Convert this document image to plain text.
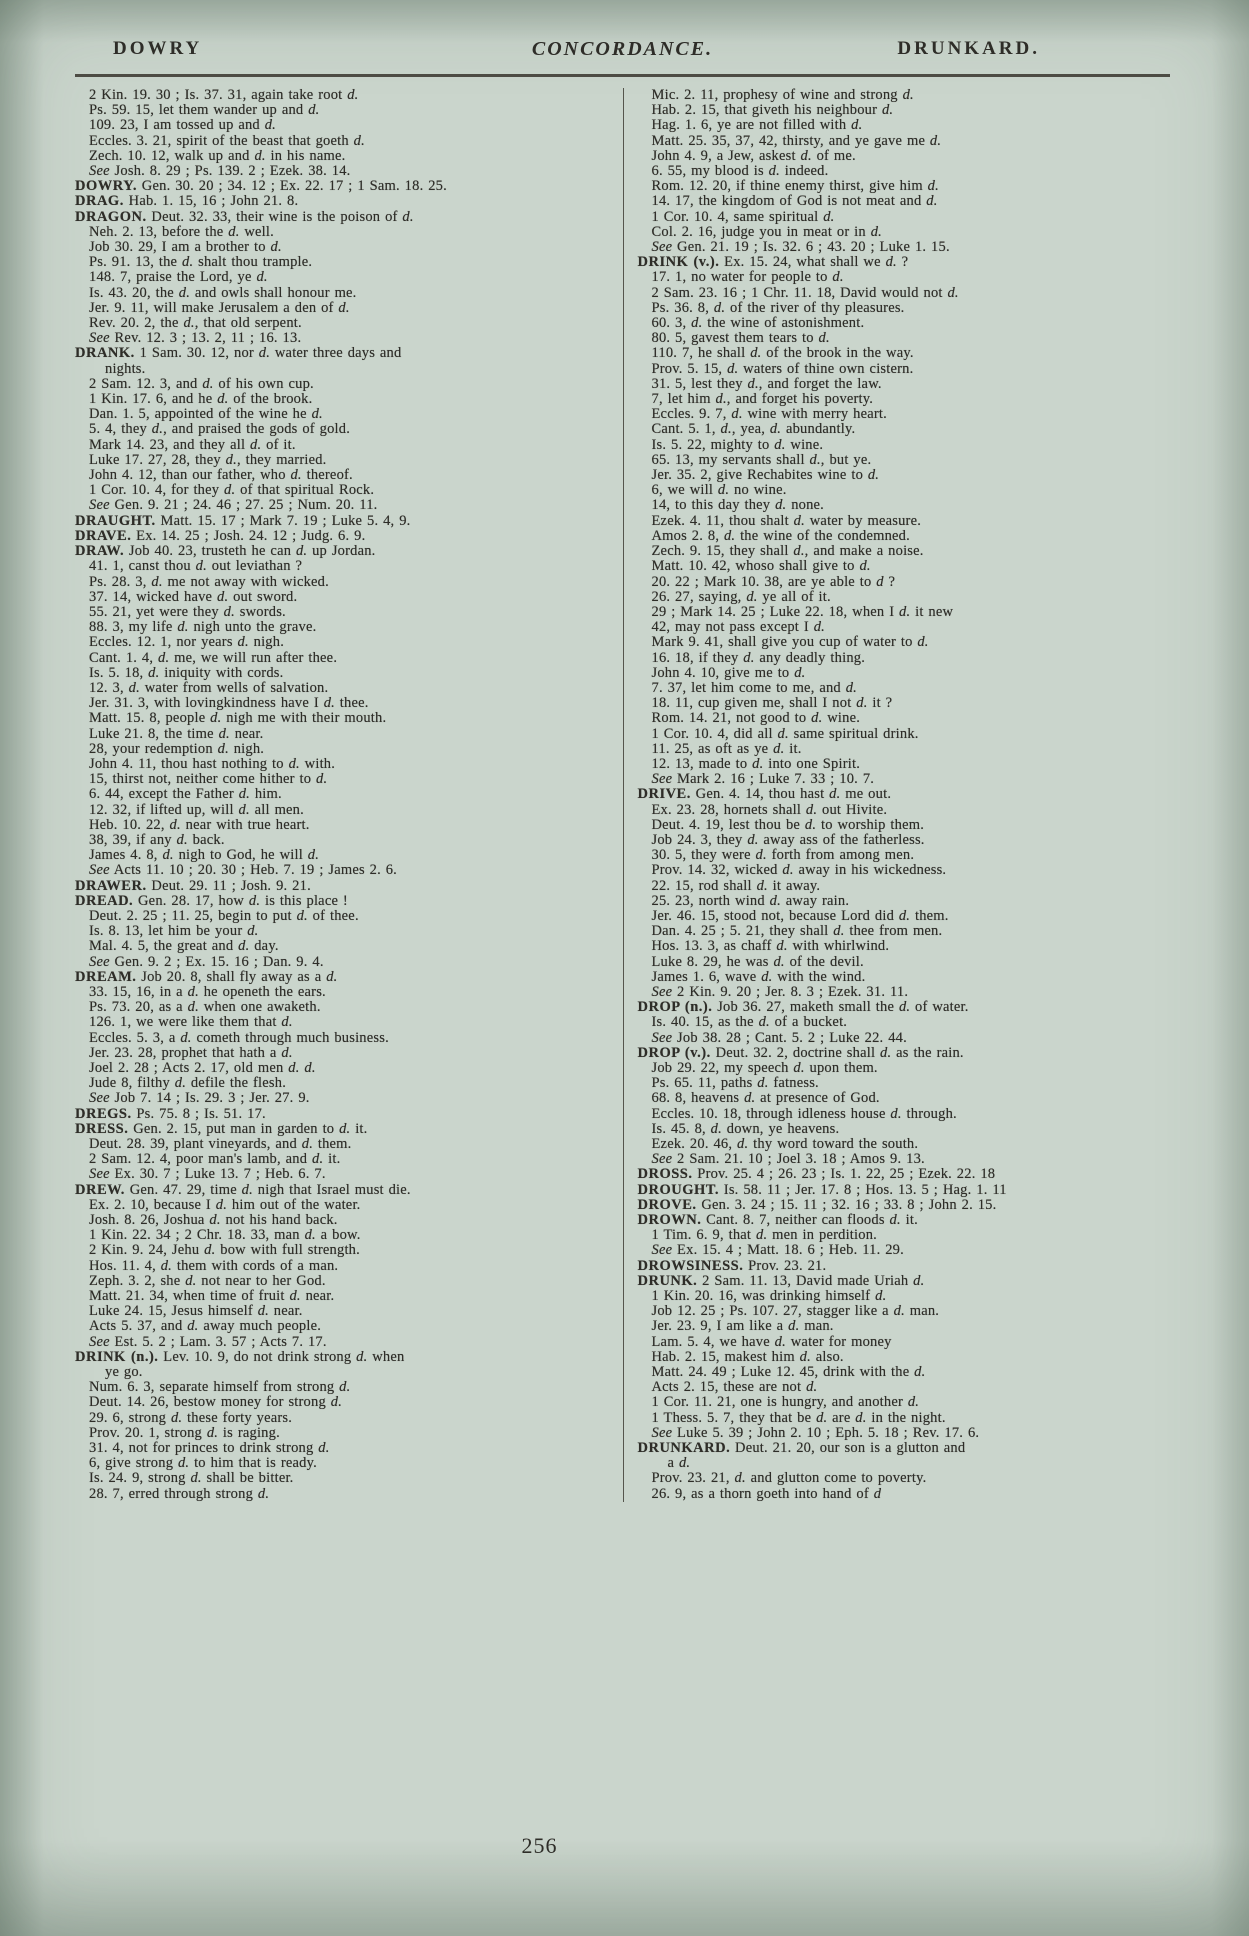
DOWRY	CONCORDANCE.	DRUNKARD.
2 Kin. 19. 30 ; Is. 37. 31, again take root d.
Ps. 59. 15, let them wander up and d.
109. 23, I am tossed up and d.
Eccles. 3. 21, spirit of the beast that goeth d.
Zech. 10. 12, walk up and d. in his name.
See Josh. 8. 29 ; Ps. 139. 2 ; Ezek. 38. 14.
DOWRY. Gen. 30. 20 ; 34. 12 ; Ex. 22. 17 ; 1 Sam. 18. 25.
DRAG. Hab. 1. 15, 16 ; John 21. 8.
DRAGON. Deut. 32. 33, their wine is the poison of d.
Neh. 2. 13, before the d. well.
Job 30. 29, I am a brother to d.
Ps. 91. 13, the d. shalt thou trample.
148. 7, praise the Lord, ye d.
Is. 43. 20, the d. and owls shall honour me.
Jer. 9. 11, will make Jerusalem a den of d.
Rev. 20. 2, the d., that old serpent.
See Rev. 12. 3 ; 13. 2, 11 ; 16. 13.
DRANK. 1 Sam. 30. 12, nor d. water three days and
nights.
2 Sam. 12. 3, and d. of his own cup.
1 Kin. 17. 6, and he d. of the brook.
Dan. 1. 5, appointed of the wine he d.
5. 4, they d., and praised the gods of gold.
Mark 14. 23, and they all d. of it.
Luke 17. 27, 28, they d., they married.
John 4. 12, than our father, who d. thereof.
1 Cor. 10. 4, for they d. of that spiritual Rock.
See Gen. 9. 21 ; 24. 46 ; 27. 25 ; Num. 20. 11.
DRAUGHT. Matt. 15. 17 ; Mark 7. 19 ; Luke 5. 4, 9.
DRAVE. Ex. 14. 25 ; Josh. 24. 12 ; Judg. 6. 9.
DRAW. Job 40. 23, trusteth he can d. up Jordan.
41. 1, canst thou d. out leviathan ?
Ps. 28. 3, d. me not away with wicked.
37. 14, wicked have d. out sword.
55. 21, yet were they d. swords.
88. 3, my life d. nigh unto the grave.
Eccles. 12. 1, nor years d. nigh.
Cant. 1. 4, d. me, we will run after thee.
Is. 5. 18, d. iniquity with cords.
12. 3, d. water from wells of salvation.
Jer. 31. 3, with lovingkindness have I d. thee.
Matt. 15. 8, people d. nigh me with their mouth.
Luke 21. 8, the time d. near.
28, your redemption d. nigh.
John 4. 11, thou hast nothing to d. with.
15, thirst not, neither come hither to d.
6. 44, except the Father d. him.
12. 32, if lifted up, will d. all men.
Heb. 10. 22, d. near with true heart.
38, 39, if any d. back.
James 4. 8, d. nigh to God, he will d.
See Acts 11. 10 ; 20. 30 ; Heb. 7. 19 ; James 2. 6.
DRAWER. Deut. 29. 11 ; Josh. 9. 21.
DREAD. Gen. 28. 17, how d. is this place !
Deut. 2. 25 ; 11. 25, begin to put d. of thee.
Is. 8. 13, let him be your d.
Mal. 4. 5, the great and d. day.
See Gen. 9. 2 ; Ex. 15. 16 ; Dan. 9. 4.
DREAM. Job 20. 8, shall fly away as a d.
33. 15, 16, in a d. he openeth the ears.
Ps. 73. 20, as a d. when one awaketh.
126. 1, we were like them that d.
Eccles. 5. 3, a d. cometh through much business.
Jer. 23. 28, prophet that hath a d.
Joel 2. 28 ; Acts 2. 17, old men d. d.
Jude 8, filthy d. defile the flesh.
See Job 7. 14 ; Is. 29. 3 ; Jer. 27. 9.
DREGS. Ps. 75. 8 ; Is. 51. 17.
DRESS. Gen. 2. 15, put man in garden to d. it.
Deut. 28. 39, plant vineyards, and d. them.
2 Sam. 12. 4, poor man's lamb, and d. it.
See Ex. 30. 7 ; Luke 13. 7 ; Heb. 6. 7.
DREW. Gen. 47. 29, time d. nigh that Israel must die.
Ex. 2. 10, because I d. him out of the water.
Josh. 8. 26, Joshua d. not his hand back.
1 Kin. 22. 34 ; 2 Chr. 18. 33, man d. a bow.
2 Kin. 9. 24, Jehu d. bow with full strength.
Hos. 11. 4, d. them with cords of a man.
Zeph. 3. 2, she d. not near to her God.
Matt. 21. 34, when time of fruit d. near.
Luke 24. 15, Jesus himself d. near.
Acts 5. 37, and d. away much people.
See Est. 5. 2 ; Lam. 3. 57 ; Acts 7. 17.
DRINK (n.). Lev. 10. 9, do not drink strong d. when
ye go.
Num. 6. 3, separate himself from strong d.
Deut. 14. 26, bestow money for strong d.
29. 6, strong d. these forty years.
Prov. 20. 1, strong d. is raging.
31. 4, not for princes to drink strong d.
6, give strong d. to him that is ready.
Is. 24. 9, strong d. shall be bitter.
28. 7, erred through strong d.
Mic. 2. 11, prophesy of wine and strong d.
Hab. 2. 15, that giveth his neighbour d.
Hag. 1. 6, ye are not filled with d.
Matt. 25. 35, 37, 42, thirsty, and ye gave me d.
John 4. 9, a Jew, askest d. of me.
6. 55, my blood is d. indeed.
Rom. 12. 20, if thine enemy thirst, give him d.
14. 17, the kingdom of God is not meat and d.
1 Cor. 10. 4, same spiritual d.
Col. 2. 16, judge you in meat or in d.
See Gen. 21. 19 ; Is. 32. 6 ; 43. 20 ; Luke 1. 15.
DRINK (v.). Ex. 15. 24, what shall we d. ?
17. 1, no water for people to d.
2 Sam. 23. 16 ; 1 Chr. 11. 18, David would not d.
Ps. 36. 8, d. of the river of thy pleasures.
60. 3, d. the wine of astonishment.
80. 5, gavest them tears to d.
110. 7, he shall d. of the brook in the way.
Prov. 5. 15, d. waters of thine own cistern.
31. 5, lest they d., and forget the law.
7, let him d., and forget his poverty.
Eccles. 9. 7, d. wine with merry heart.
Cant. 5. 1, d., yea, d. abundantly.
Is. 5. 22, mighty to d. wine.
65. 13, my servants shall d., but ye.
Jer. 35. 2, give Rechabites wine to d.
6, we will d. no wine.
14, to this day they d. none.
Ezek. 4. 11, thou shalt d. water by measure.
Amos 2. 8, d. the wine of the condemned.
Zech. 9. 15, they shall d., and make a noise.
Matt. 10. 42, whoso shall give to d.
20. 22 ; Mark 10. 38, are ye able to d ?
26. 27, saying, d. ye all of it.
29 ; Mark 14. 25 ; Luke 22. 18, when I d. it new
42, may not pass except I d.
Mark 9. 41, shall give you cup of water to d.
16. 18, if they d. any deadly thing.
John 4. 10, give me to d.
7. 37, let him come to me, and d.
18. 11, cup given me, shall I not d. it ?
Rom. 14. 21, not good to d. wine.
1 Cor. 10. 4, did all d. same spiritual drink.
11. 25, as oft as ye d. it.
12. 13, made to d. into one Spirit.
See Mark 2. 16 ; Luke 7. 33 ; 10. 7.
DRIVE. Gen. 4. 14, thou hast d. me out.
Ex. 23. 28, hornets shall d. out Hivite.
Deut. 4. 19, lest thou be d. to worship them.
Job 24. 3, they d. away ass of the fatherless.
30. 5, they were d. forth from among men.
Prov. 14. 32, wicked d. away in his wickedness.
22. 15, rod shall d. it away.
25. 23, north wind d. away rain.
Jer. 46. 15, stood not, because Lord did d. them.
Dan. 4. 25 ; 5. 21, they shall d. thee from men.
Hos. 13. 3, as chaff d. with whirlwind.
Luke 8. 29, he was d. of the devil.
James 1. 6, wave d. with the wind.
See 2 Kin. 9. 20 ; Jer. 8. 3 ; Ezek. 31. 11.
DROP (n.). Job 36. 27, maketh small the d. of water.
Is. 40. 15, as the d. of a bucket.
See Job 38. 28 ; Cant. 5. 2 ; Luke 22. 44.
DROP (v.). Deut. 32. 2, doctrine shall d. as the rain.
Job 29. 22, my speech d. upon them.
Ps. 65. 11, paths d. fatness.
68. 8, heavens d. at presence of God.
Eccles. 10. 18, through idleness house d. through.
Is. 45. 8, d. down, ye heavens.
Ezek. 20. 46, d. thy word toward the south.
See 2 Sam. 21. 10 ; Joel 3. 18 ; Amos 9. 13.
DROSS. Prov. 25. 4 ; 26. 23 ; Is. 1. 22, 25 ; Ezek. 22. 18
DROUGHT. Is. 58. 11 ; Jer. 17. 8 ; Hos. 13. 5 ; Hag. 1. 11
DROVE. Gen. 3. 24 ; 15. 11 ; 32. 16 ; 33. 8 ; John 2. 15.
DROWN. Cant. 8. 7, neither can floods d. it.
1 Tim. 6. 9, that d. men in perdition.
See Ex. 15. 4 ; Matt. 18. 6 ; Heb. 11. 29.
DROWSINESS. Prov. 23. 21.
DRUNK. 2 Sam. 11. 13, David made Uriah d.
1 Kin. 20. 16, was drinking himself d.
Job 12. 25 ; Ps. 107. 27, stagger like a d. man.
Jer. 23. 9, I am like a d. man.
Lam. 5. 4, we have d. water for money
Hab. 2. 15, makest him d. also.
Matt. 24. 49 ; Luke 12. 45, drink with the d.
Acts 2. 15, these are not d.
1 Cor. 11. 21, one is hungry, and another d.
1 Thess. 5. 7, they that be d. are d. in the night.
See Luke 5. 39 ; John 2. 10 ; Eph. 5. 18 ; Rev. 17. 6.
DRUNKARD. Deut. 21. 20, our son is a glutton and
a d.
Prov. 23. 21, d. and glutton come to poverty.
26. 9, as a thorn goeth into hand of d
256
